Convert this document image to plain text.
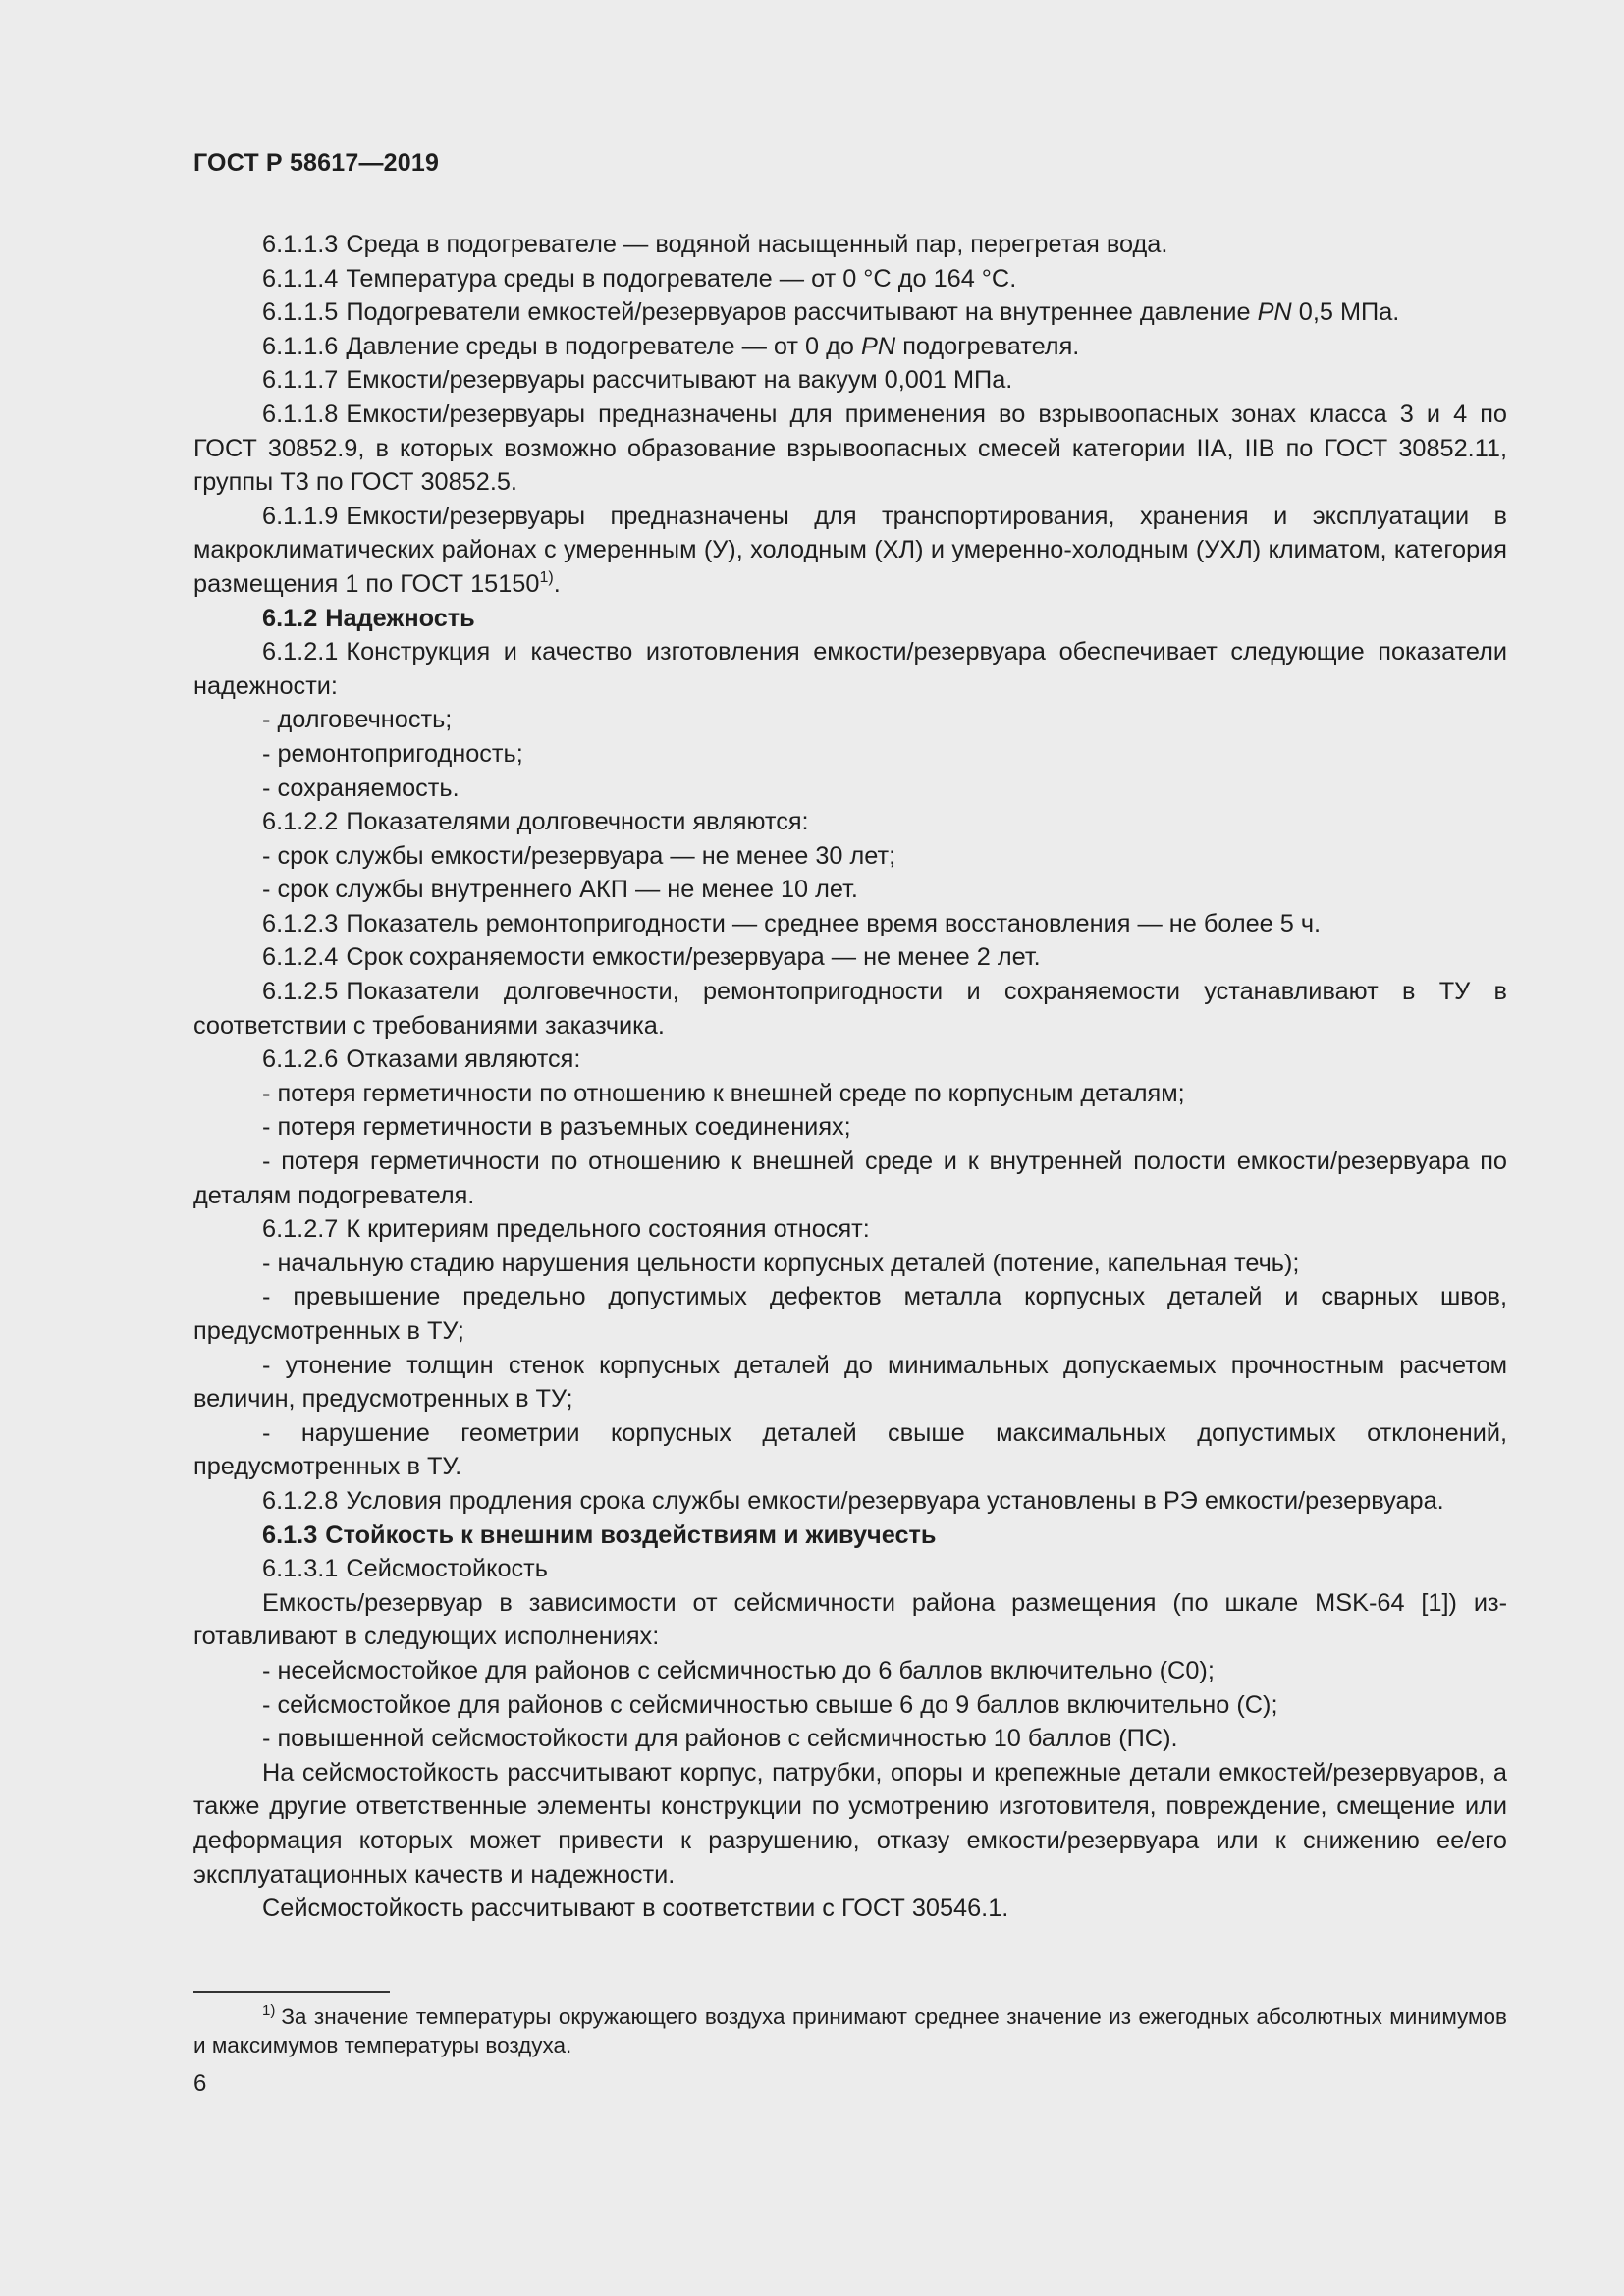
ГОСТ Р 58617—2019

6.1.1.3 Среда в подогревателе — водяной насыщенный пар, перегретая вода.

6.1.1.4 Температура среды в подогревателе — от 0 °С до 164 °С.

6.1.1.5 Подогреватели емкостей/резервуаров рассчитывают на внутреннее давление PN 0,5 МПа.

6.1.1.6 Давление среды в подогревателе — от 0 до PN подогревателя.

6.1.1.7 Емкости/резервуары рассчитывают на вакуум 0,001 МПа.

6.1.1.8 Емкости/резервуары предназначены для применения во взрывоопасных зонах класса 3 и 4 по ГОСТ 30852.9, в которых возможно образование взрывоопасных смесей категории IIA, IIB по ГОСТ 30852.11, группы Т3 по ГОСТ 30852.5.

6.1.1.9 Емкости/резервуары предназначены для транспортирования, хранения и эксплуатации в макроклиматических районах с умеренным (У), холодным (ХЛ) и умеренно-холодным (УХЛ) климатом, категория размещения 1 по ГОСТ 15150$^{1)}$.

6.1.2 Надежность

6.1.2.1 Конструкция и качество изготовления емкости/резервуара обеспечивает следующие показатели надежности:

- долговечность;

- ремонтопригодность;

- сохраняемость.

6.1.2.2 Показателями долговечности являются:

- срок службы емкости/резервуара — не менее 30 лет;

- срок службы внутреннего АКП — не менее 10 лет.

6.1.2.3 Показатель ремонтопригодности — среднее время восстановления — не более 5 ч.

6.1.2.4 Срок сохраняемости емкости/резервуара — не менее 2 лет.

6.1.2.5 Показатели долговечности, ремонтопригодности и сохраняемости устанавливают в ТУ в соответствии с требованиями заказчика.

6.1.2.6 Отказами являются:

- потеря герметичности по отношению к внешней среде по корпусным деталям;

- потеря герметичности в разъемных соединениях;

- потеря герметичности по отношению к внешней среде и к внутренней полости емкости/резервуара по деталям подогревателя.

6.1.2.7 К критериям предельного состояния относят:

- начальную стадию нарушения цельности корпусных деталей (потение, капельная течь);

- превышение предельно допустимых дефектов металла корпусных деталей и сварных швов, предусмотренных в ТУ;

- утонение толщин стенок корпусных деталей до минимальных допускаемых прочностным расчетом величин, предусмотренных в ТУ;

- нарушение геометрии корпусных деталей свыше максимальных допустимых отклонений, предусмотренных в ТУ.

6.1.2.8 Условия продления срока службы емкости/резервуара установлены в РЭ емкости/резервуара.

6.1.3 Стойкость к внешним воздействиям и живучесть

6.1.3.1 Сейсмостойкость

Емкость/резервуар в зависимости от сейсмичности района размещения (по шкале MSK-64 [1]) изготавливают в следующих исполнениях:

- несейсмостойкое для районов с сейсмичностью до 6 баллов включительно (С0);

- сейсмостойкое для районов с сейсмичностью свыше 6 до 9 баллов включительно (С);

- повышенной сейсмостойкости для районов с сейсмичностью 10 баллов (ПС).

На сейсмостойкость рассчитывают корпус, патрубки, опоры и крепежные детали емкостей/резервуаров, а также другие ответственные элементы конструкции по усмотрению изготовителя, повреждение, смещение или деформация которых может привести к разрушению, отказу емкости/резервуара или к снижению ее/его эксплуатационных качеств и надежности.

Сейсмостойкость рассчитывают в соответствии с ГОСТ 30546.1.

$^{1)}$ За значение температуры окружающего воздуха принимают среднее значение из ежегодных абсолютных минимумов и максимумов температуры воздуха.
6
